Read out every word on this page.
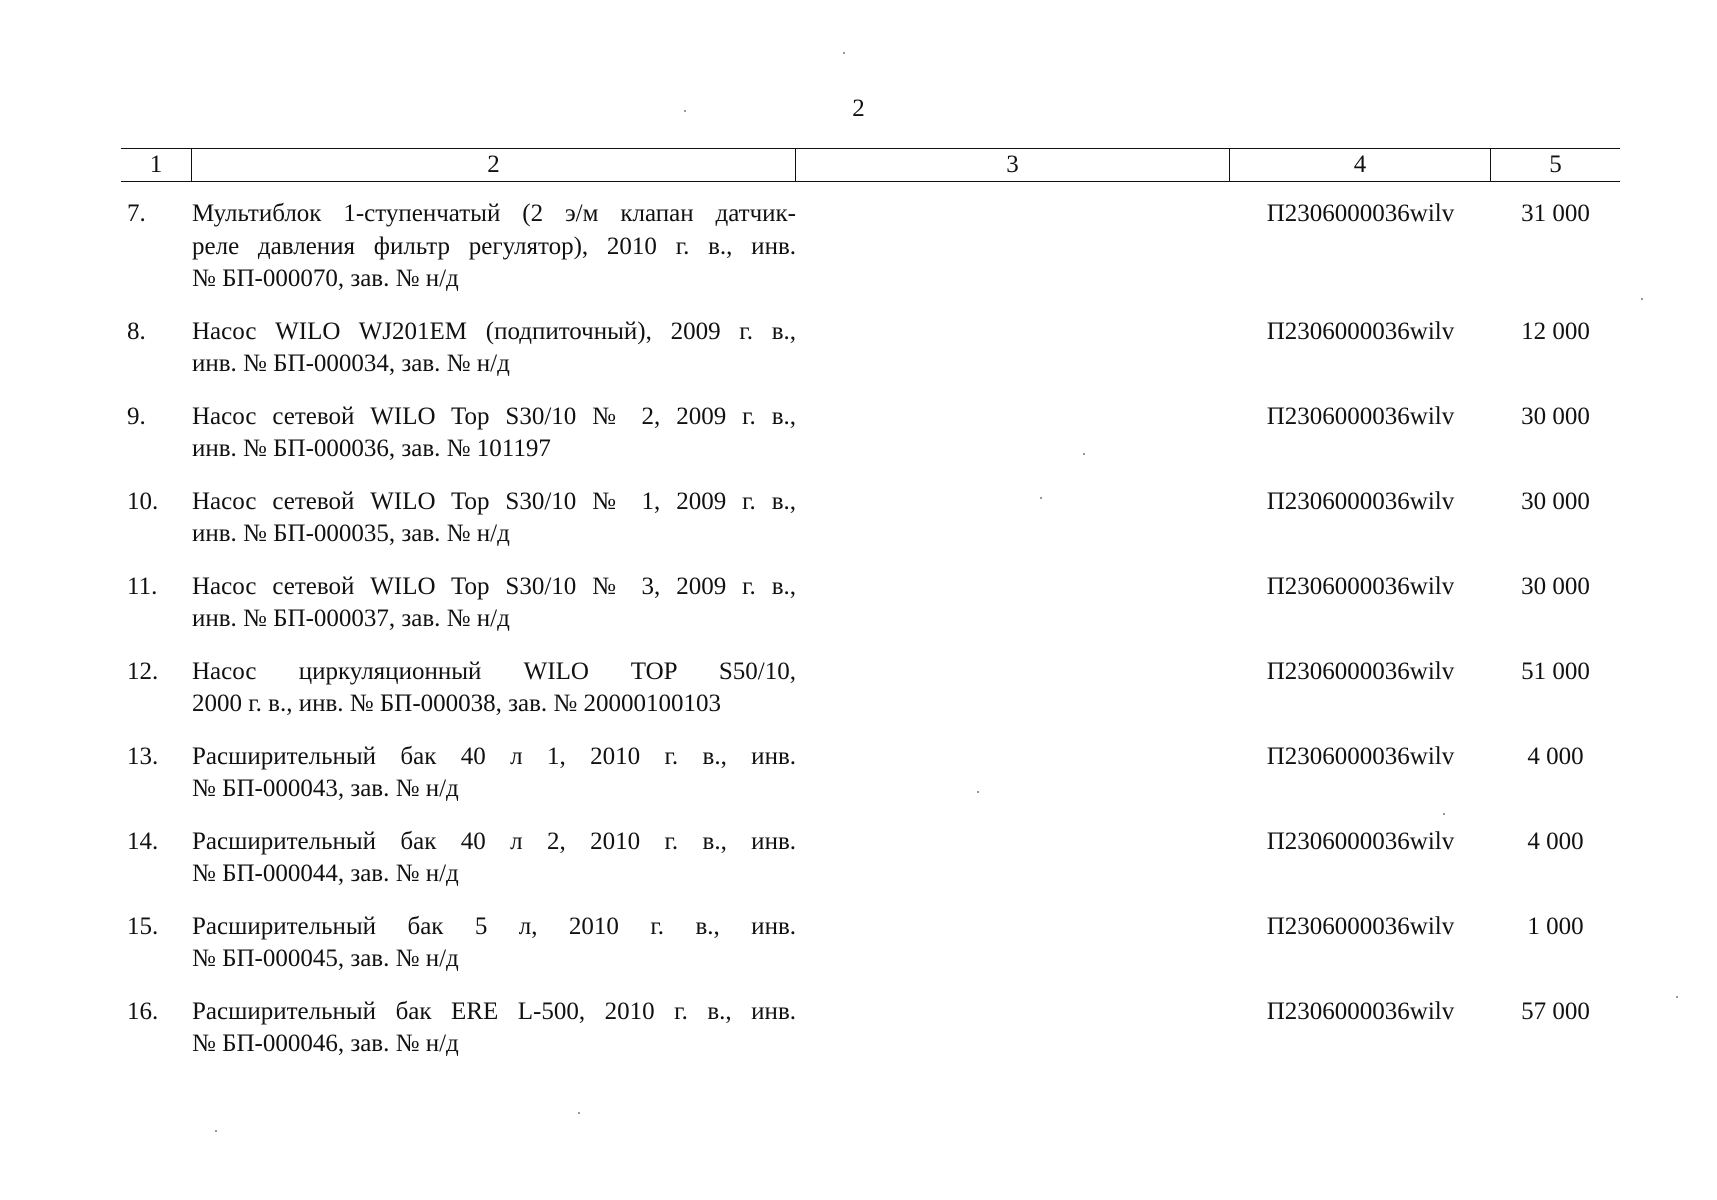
2
1	2	3	4	5
7.	Мультиблок 1-ступенчатый (2 э/м клапан датчик-
реле давления фильтр регулятор), 2010 г. в., инв.
№ БП-000070, зав. № н/д
П2306000036wilv	31 000
8.	Насос WILO WJ201EM (подпиточный), 2009 г. в.,
инв. № БП-000034, зав. № н/д
П2306000036wilv	12 000
9.	Насос сетевой WILO Top S30/10 № 2, 2009 г. в.,
инв. № БП-000036, зав. № 101197
П2306000036wilv	30 000
10.	Насос сетевой WILO Top S30/10 № 1, 2009 г. в.,
инв. № БП-000035, зав. № н/д
П2306000036wilv	30 000
11.	Насос сетевой WILO Top S30/10 № 3, 2009 г. в.,
инв. № БП-000037, зав. № н/д
П2306000036wilv	30 000
12.	Насос циркуляционный WILO TOP S50/10,
2000 г. в., инв. № БП-000038, зав. № 20000100103
П2306000036wilv	51 000
13.	Расширительный бак 40 л 1, 2010 г. в., инв.
№ БП-000043, зав. № н/д
П2306000036wilv	4 000
14.	Расширительный бак 40 л 2, 2010 г. в., инв.
№ БП-000044, зав. № н/д
П2306000036wilv	4 000
15.	Расширительный бак 5 л, 2010 г. в., инв.
№ БП-000045, зав. № н/д
П2306000036wilv	1 000
16.	Расширительный бак ERE L-500, 2010 г. в., инв.
№ БП-000046, зав. № н/д
П2306000036wilv	57 000
